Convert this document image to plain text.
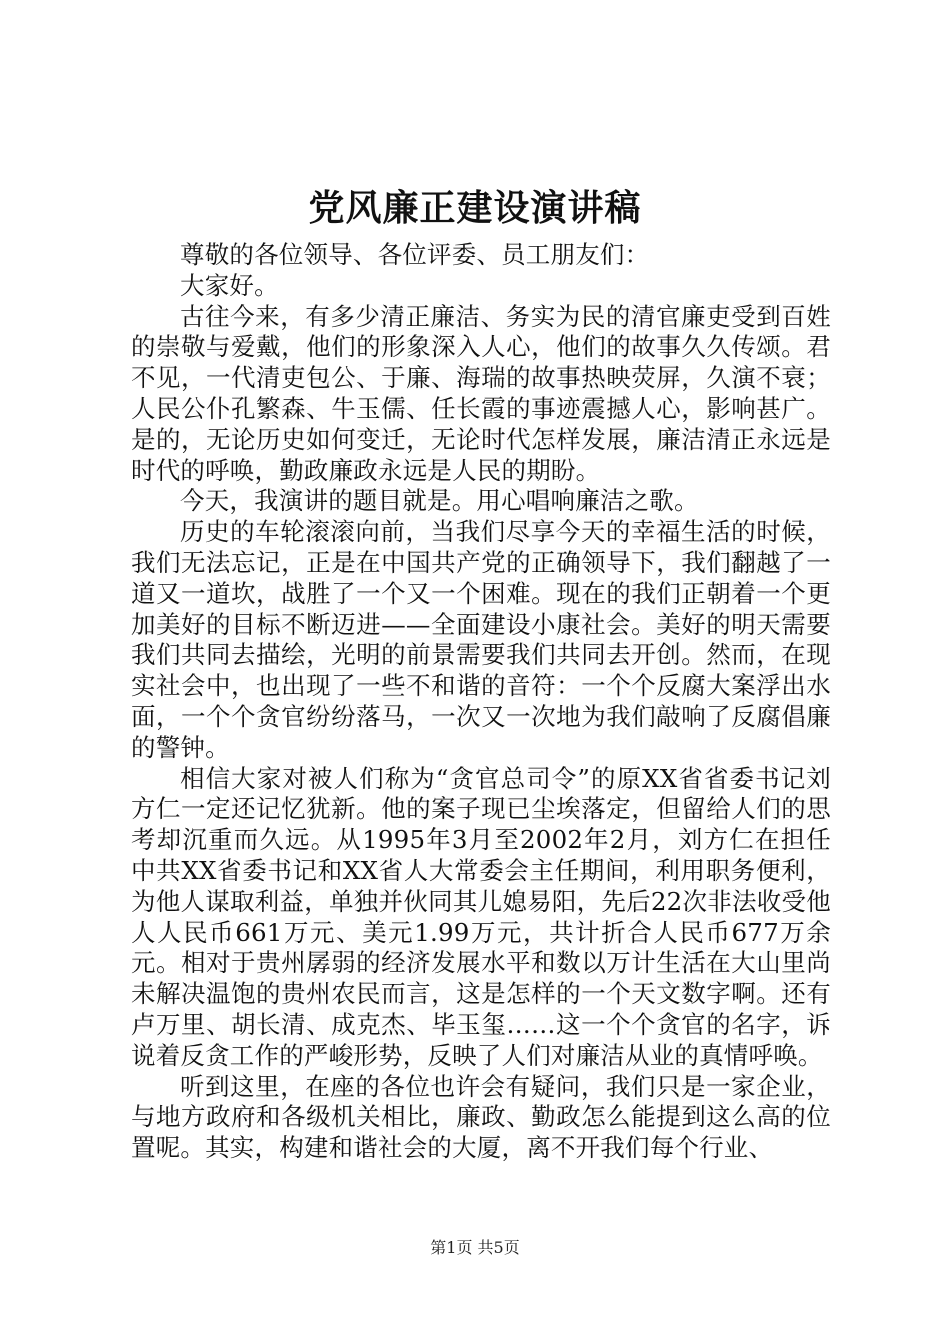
党风廉正建设演讲稿

尊敬的各位领导、各位评委、员工朋友们：

大家好。

古往今来，有多少清正廉洁、务实为民的清官廉吏受到百姓的崇敬与爱戴，他们的形象深入人心，他们的故事久久传颂。君不见，一代清吏包公、于廉、海瑞的故事热映荧屏，久演不衰；人民公仆孔繁森、牛玉儒、任长霞的事迹震撼人心，影响甚广。是的，无论历史如何变迁，无论时代怎样发展，廉洁清正永远是时代的呼唤，勤政廉政永远是人民的期盼。

今天，我演讲的题目就是。用心唱响廉洁之歌。

历史的车轮滚滚向前，当我们尽享今天的幸福生活的时候，我们无法忘记，正是在中国共产党的正确领导下，我们翻越了一道又一道坎，战胜了一个又一个困难。现在的我们正朝着一个更加美好的目标不断迈进——全面建设小康社会。美好的明天需要我们共同去描绘，光明的前景需要我们共同去开创。然而，在现实社会中，也出现了一些不和谐的音符：一个个反腐大案浮出水面，一个个贪官纷纷落马，一次又一次地为我们敲响了反腐倡廉的警钟。

相信大家对被人们称为“贪官总司令”的原XX省省委书记刘方仁一定还记忆犹新。他的案子现已尘埃落定，但留给人们的思考却沉重而久远。从1995年3月至2002年2月，刘方仁在担任中共XX省委书记和XX省人大常委会主任期间，利用职务便利，为他人谋取利益，单独并伙同其儿媳易阳，先后22次非法收受他人人民币661万元、美元1.99万元，共计折合人民币677万余元。相对于贵州孱弱的经济发展水平和数以万计生活在大山里尚未解决温饱的贵州农民而言，这是怎样的一个天文数字啊。还有卢万里、胡长清、成克杰、毕玉玺……这一个个贪官的名字，诉说着反贪工作的严峻形势，反映了人们对廉洁从业的真情呼唤。

听到这里，在座的各位也许会有疑问，我们只是一家企业，与地方政府和各级机关相比，廉政、勤政怎么能提到这么高的位置呢。其实，构建和谐社会的大厦，离不开我们每个行业、

第1页 共5页
